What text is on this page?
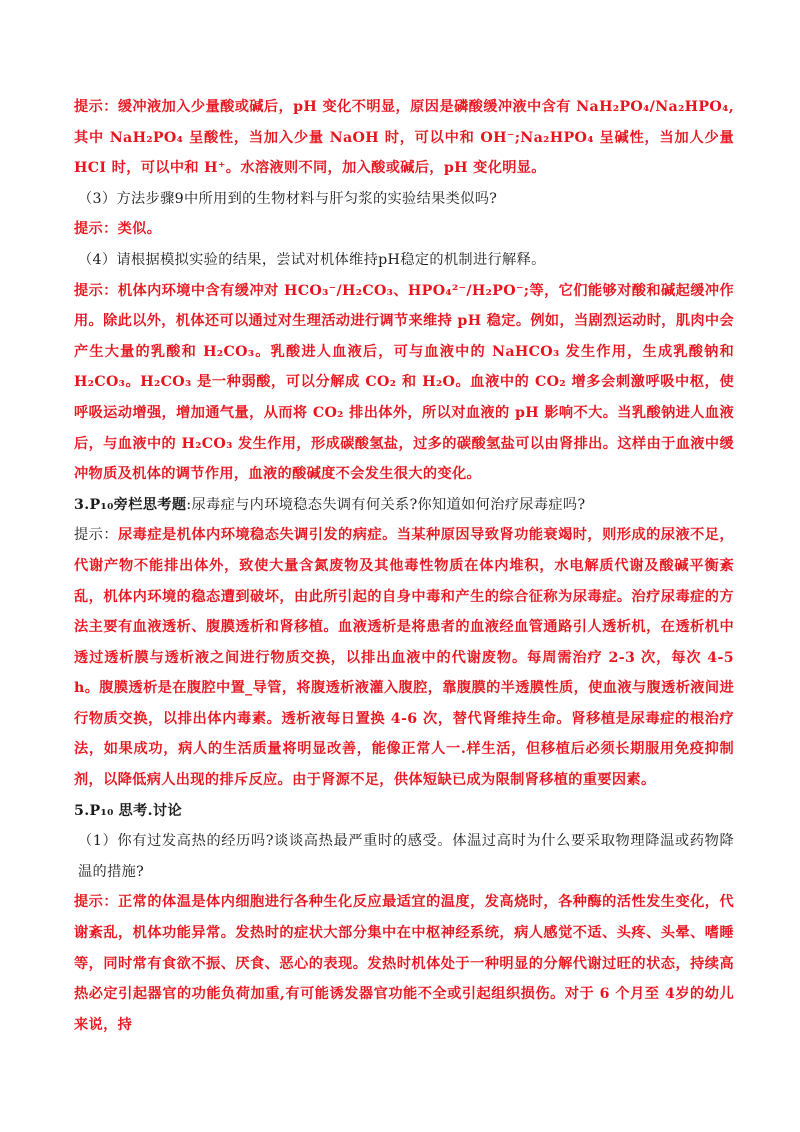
提示：缓冲液加入少量酸或碱后，pH 变化不明显，原因是磷酸缓冲液中含有 NaH₂PO₄/Na₂HPO₄,其中 NaH₂PO₄ 呈酸性，当加入少量 NaOH 时，可以中和 OH⁻;Na₂HPO₄ 呈碱性，当加人少量 HCI 时，可以中和 H⁺。水溶液则不同，加入酸或碱后，pH 变化明显。

（3）方法步骤9中所用到的生物材料与肝匀浆的实验结果类似吗?

提示：类似。

（4）请根据模拟实验的结果，尝试对机体维持pH稳定的机制进行解释。

提示：机体内环境中含有缓冲对 HCO₃⁻/H₂CO₃、HPO₄²⁻/H₂PO⁻;等，它们能够对酸和碱起缓冲作用。除此以外，机体还可以通过对生理活动进行调节来维持 pH 稳定。例如，当剧烈运动时，肌肉中会产生大量的乳酸和 H₂CO₃。乳酸进人血液后，可与血液中的 NaHCO₃ 发生作用，生成乳酸钠和 H₂CO₃。H₂CO₃ 是一种弱酸，可以分解成 CO₂ 和 H₂O。血液中的 CO₂ 增多会刺激呼吸中枢，使呼吸运动增强，增加通气量，从而将 CO₂ 排出体外，所以对血液的 pH 影响不大。当乳酸钠进人血液后，与血液中的 H₂CO₃ 发生作用，形成碳酸氢盐，过多的碳酸氢盐可以由肾排出。这样由于血液中缓冲物质及机体的调节作用，血液的酸碱度不会发生很大的变化。

3.P₁₀旁栏思考题:尿毒症与内环境稳态失调有何关系?你知道如何治疗尿毒症吗?

提示：尿毒症是机体内环境稳态失调引发的病症。当某种原因导致肾功能衰竭时，则形成的尿液不足，代谢产物不能排出体外，致使大量含氮废物及其他毒性物质在体内堆积，水电解质代谢及酸碱平衡紊乱，机体内环境的稳态遭到破坏，由此所引起的自身中毒和产生的综合征称为尿毒症。治疗尿毒症的方法主要有血液透析、腹膜透析和肾移植。血液透析是将患者的血液经血管通路引人透析机，在透析机中透过透析膜与透析液之间进行物质交换，以排出血液中的代谢废物。每周需治疗 2-3 次，每次 4-5 h。腹膜透析是在腹腔中置_导管，将腹透析液灌入腹腔，靠腹膜的半透膜性质，使血液与腹透析液间进行物质交换，以排出体内毒素。透析液每日置换 4-6 次，替代肾维持生命。肾移植是尿毒症的根治疗法，如果成功，病人的生活质量将明显改善，能像正常人一.样生活，但移植后必须长期服用免疫抑制剂，以降低病人出现的排斥反应。由于肾源不足，供体短缺已成为限制肾移植的重要因素。

5.P₁₀ 思考.讨论

（1）你有过发高热的经历吗?谈谈高热最严重时的感受。体温过高时为什么要采取物理降温或药物降温的措施?

提示：正常的体温是体内细胞进行各种生化反应最适宜的温度，发高烧时，各种酶的活性发生变化，代谢紊乱，机体功能异常。发热时的症状大部分集中在中枢神经系统，病人感觉不适、头疼、头晕、嗜睡等，同时常有食欲不振、厌食、恶心的表现。发热时机体处于一种明显的分解代谢过旺的状态，持续高热必定引起器官的功能负荷加重,有可能诱发器官功能不全或引起组织损伤。对于 6 个月至 4岁的幼儿来说，持
